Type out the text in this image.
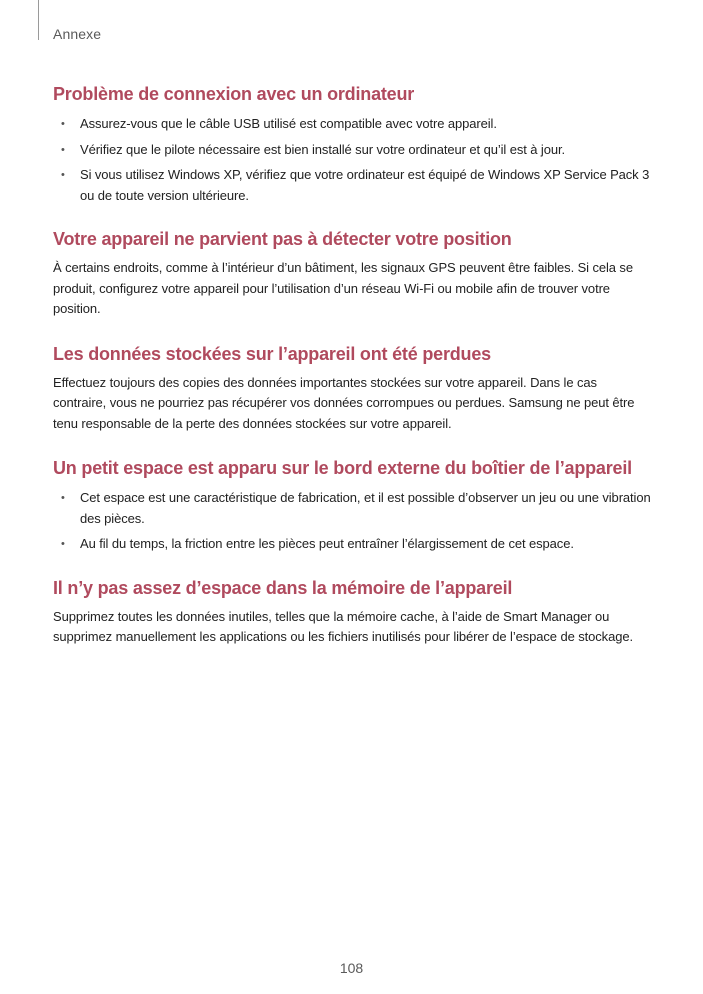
Annexe
Problème de connexion avec un ordinateur
• Assurez-vous que le câble USB utilisé est compatible avec votre appareil.
• Vérifiez que le pilote nécessaire est bien installé sur votre ordinateur et qu’il est à jour.
• Si vous utilisez Windows XP, vérifiez que votre ordinateur est équipé de Windows XP Service Pack 3 ou de toute version ultérieure.
Votre appareil ne parvient pas à détecter votre position

À certains endroits, comme à l’intérieur d’un bâtiment, les signaux GPS peuvent être faibles. Si cela se produit, configurez votre appareil pour l’utilisation d’un réseau Wi-Fi ou mobile afin de trouver votre position.

Les données stockées sur l’appareil ont été perdues

Effectuez toujours des copies des données importantes stockées sur votre appareil. Dans le cas contraire, vous ne pourriez pas récupérer vos données corrompues ou perdues. Samsung ne peut être tenu responsable de la perte des données stockées sur votre appareil.

Un petit espace est apparu sur le bord externe du boîtier de l’appareil
• Cet espace est une caractéristique de fabrication, et il est possible d’observer un jeu ou une vibration des pièces.
• Au fil du temps, la friction entre les pièces peut entraîner l’élargissement de cet espace.
Il n’y pas assez d’espace dans la mémoire de l’appareil

Supprimez toutes les données inutiles, telles que la mémoire cache, à l’aide de Smart Manager ou supprimez manuellement les applications ou les fichiers inutilisés pour libérer de l’espace de stockage.

108
